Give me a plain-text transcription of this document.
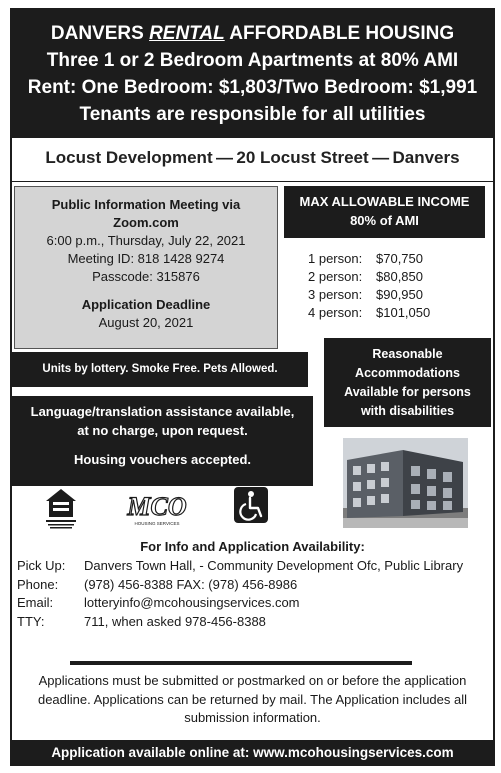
DANVERS RENTAL AFFORDABLE HOUSING
Three 1 or 2 Bedroom Apartments at 80% AMI
Rent: One Bedroom: $1,803/Two Bedroom: $1,991
Tenants are responsible for all utilities
Locust Development — 20 Locust Street — Danvers
Public Information Meeting via
Zoom.com
6:00 p.m., Thursday, July 22, 2021
Meeting ID: 818 1428 9274
Passcode: 315876
Application Deadline
August 20, 2021
MAX ALLOWABLE INCOME
80% of AMI
1 person: $70,750
2 person: $80,850
3 person: $90,950
4 person: $101,050
Units by lottery. Smoke Free. Pets Allowed.
Reasonable
Accommodations
Available for persons
with disabilities
Language/translation assistance available,
at no charge, upon request.
Housing vouchers accepted.
MCO
HOUSING SERVICES
For Info and Application Availability:
Pick Up:	Danvers Town Hall, - Community Development Ofc, Public Library
Phone:	(978) 456-8388 FAX: (978) 456-8986
Email:	lotteryinfo@mcohousingservices.com
TTY:	711, when asked 978-456-8388
Applications must be submitted or postmarked on or before the application deadline. Applications can be returned by mail. The Application includes all submission information.
Application available online at: www.mcohousingservices.com
